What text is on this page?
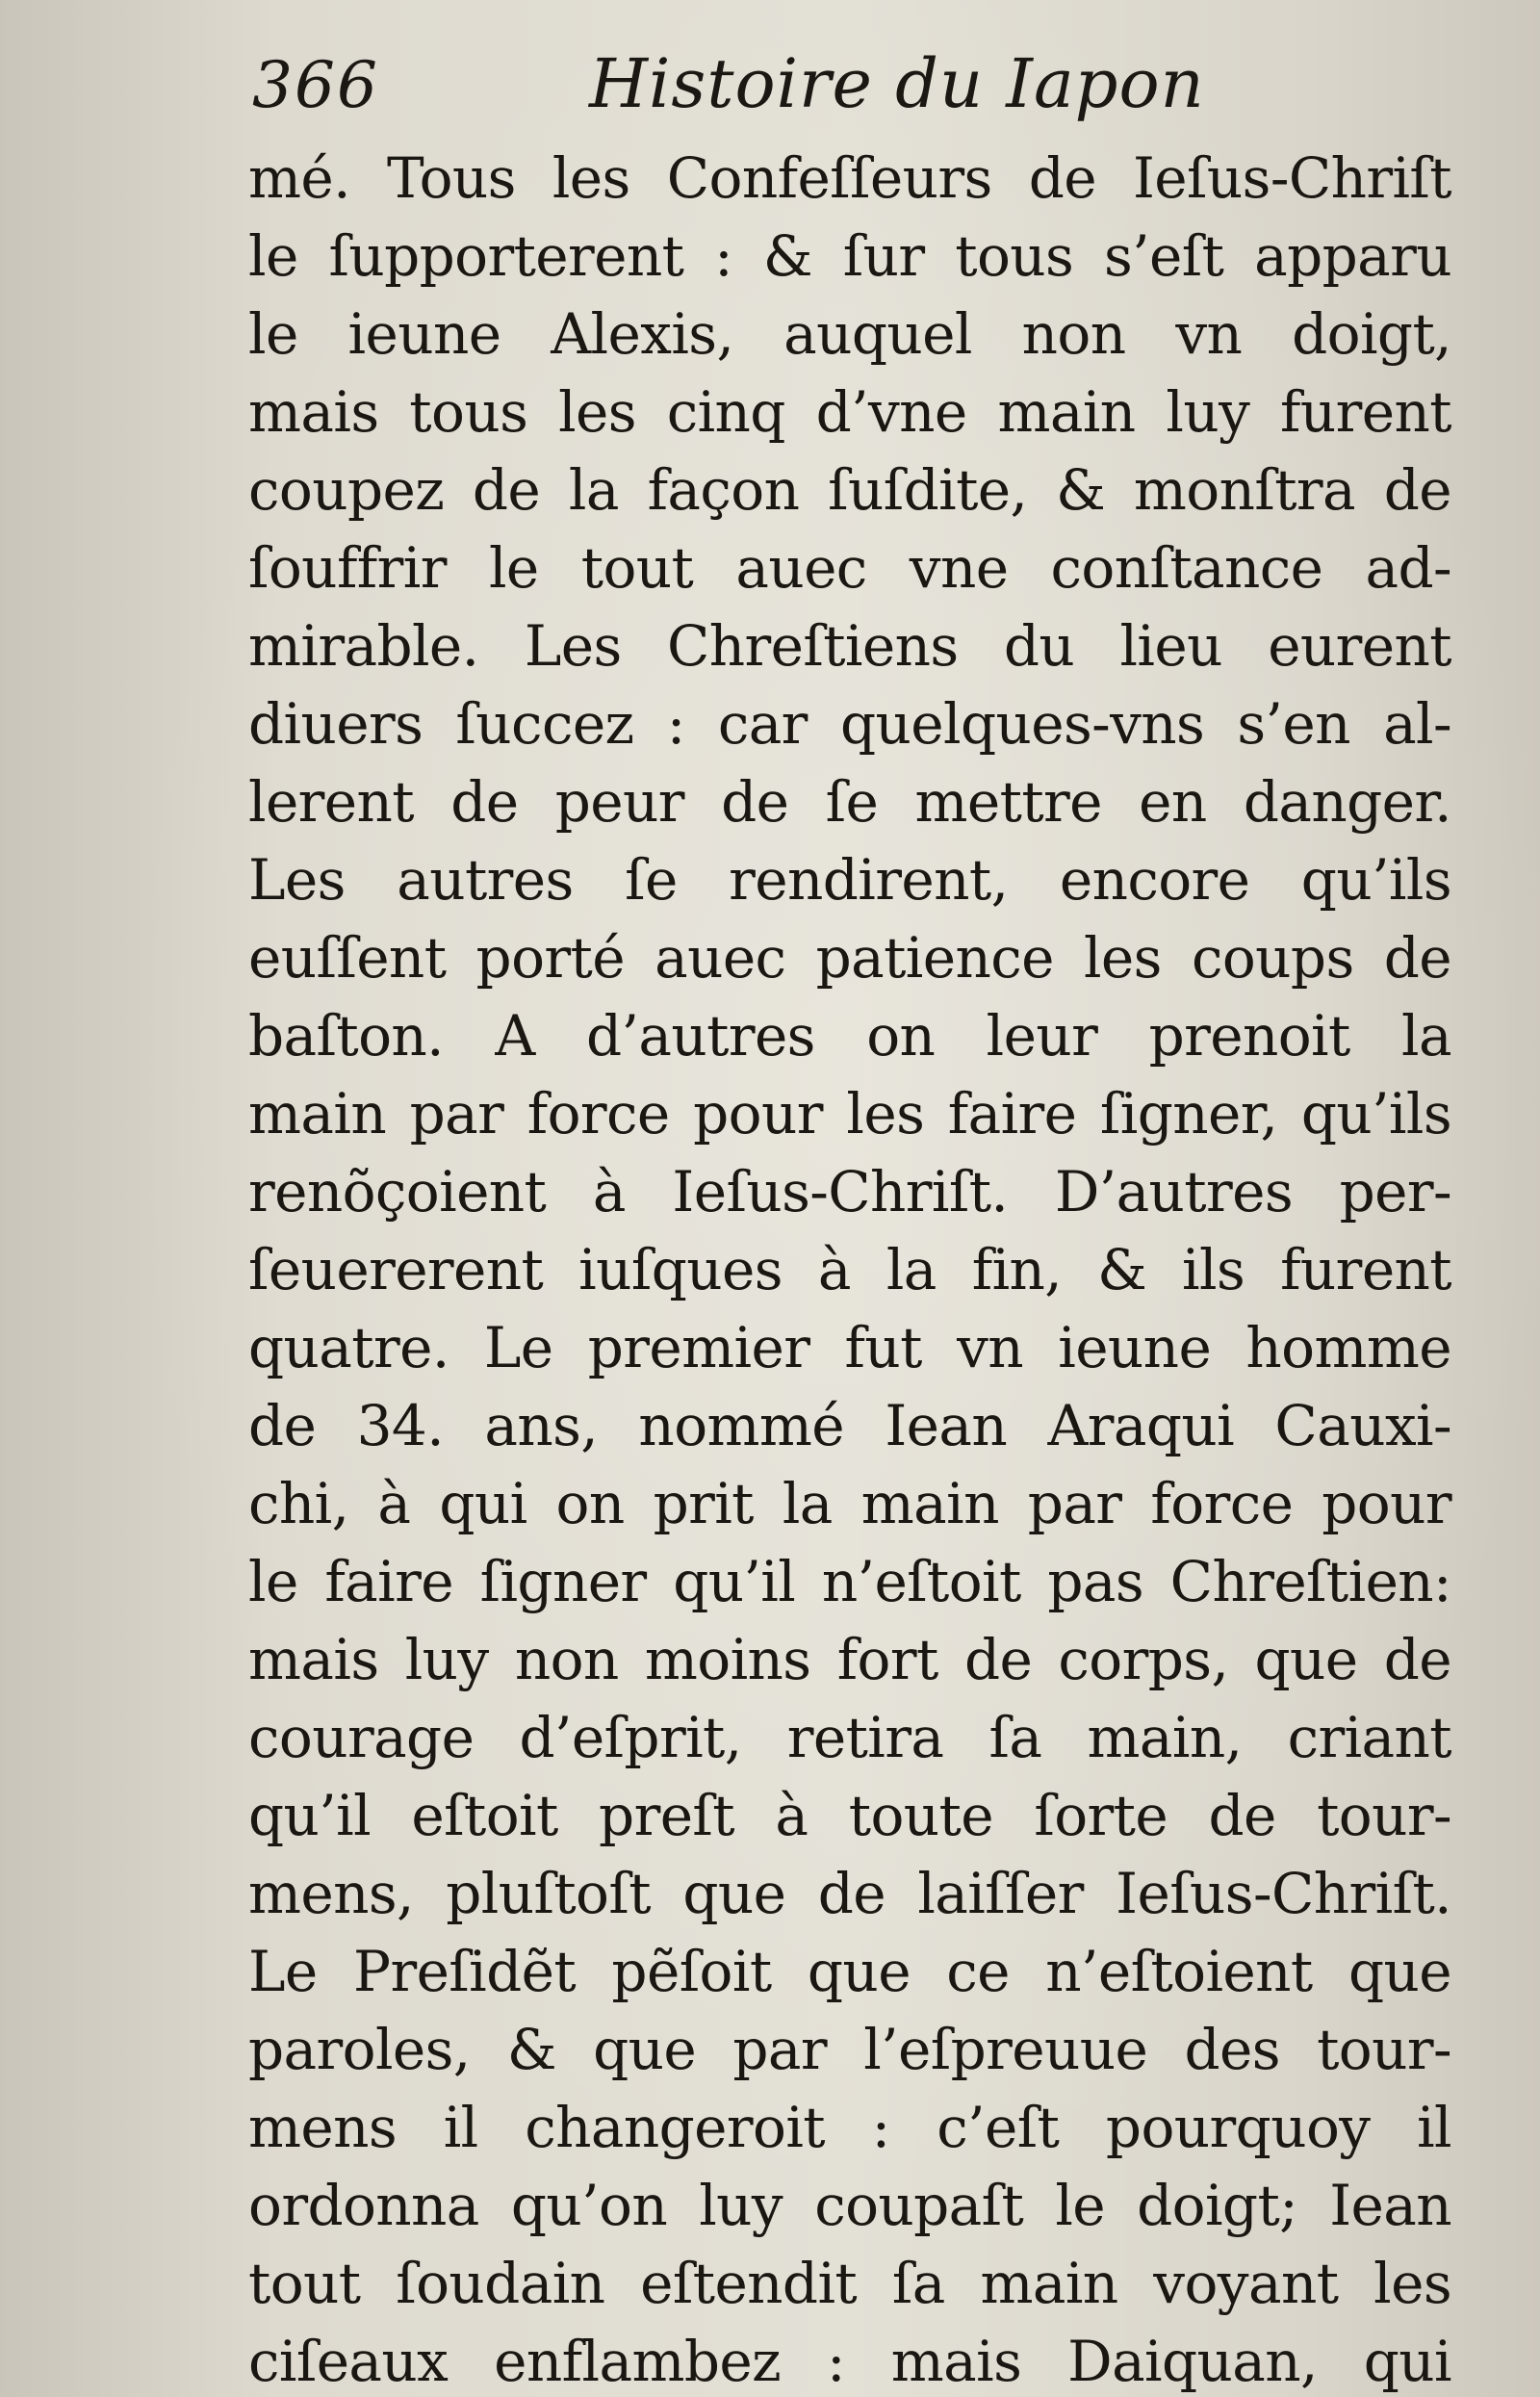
366	Histoire du Iapon
mé. Tous les Confeſſeurs de Ieſus-Chriſt
le ſupporterent : & ſur tous s’eſt apparu
le ieune Alexis, auquel non vn doigt,
mais tous les cinq d’vne main luy furent
coupez de la façon ſuſdite, & monſtra de
ſouffrir le tout auec vne conſtance ad-
mirable. Les Chreſtiens du lieu eurent
diuers ſuccez : car quelques-vns s’en al-
lerent de peur de ſe mettre en danger.
Les autres ſe rendirent, encore qu’ils
euſſent porté auec patience les coups de
baſton. A d’autres on leur prenoit la
main par force pour les faire ſigner, qu’ils
renõçoient à Ieſus-Chriſt. D’autres per-
ſeuererent iuſques à la fin, & ils furent
quatre. Le premier fut vn ieune homme
de 34. ans, nommé Iean Araqui Cauxi-
chi, à qui on prit la main par force pour
le faire ſigner qu’il n’eſtoit pas Chreſtien:
mais luy non moins fort de corps, que de
courage d’eſprit, retira ſa main, criant
qu’il eſtoit preſt à toute ſorte de tour-
mens, pluſtoſt que de laiſſer Ieſus-Chriſt.
Le Preſidẽt pẽſoit que ce n’eſtoient que
paroles, & que par l’eſpreuue des tour-
mens il changeroit : c’eſt pourquoy il
ordonna qu’on luy coupaſt le doigt; Iean
tout ſoudain eſtendit ſa main voyant les
ciſeaux enflambez : mais Daiquan, qui
